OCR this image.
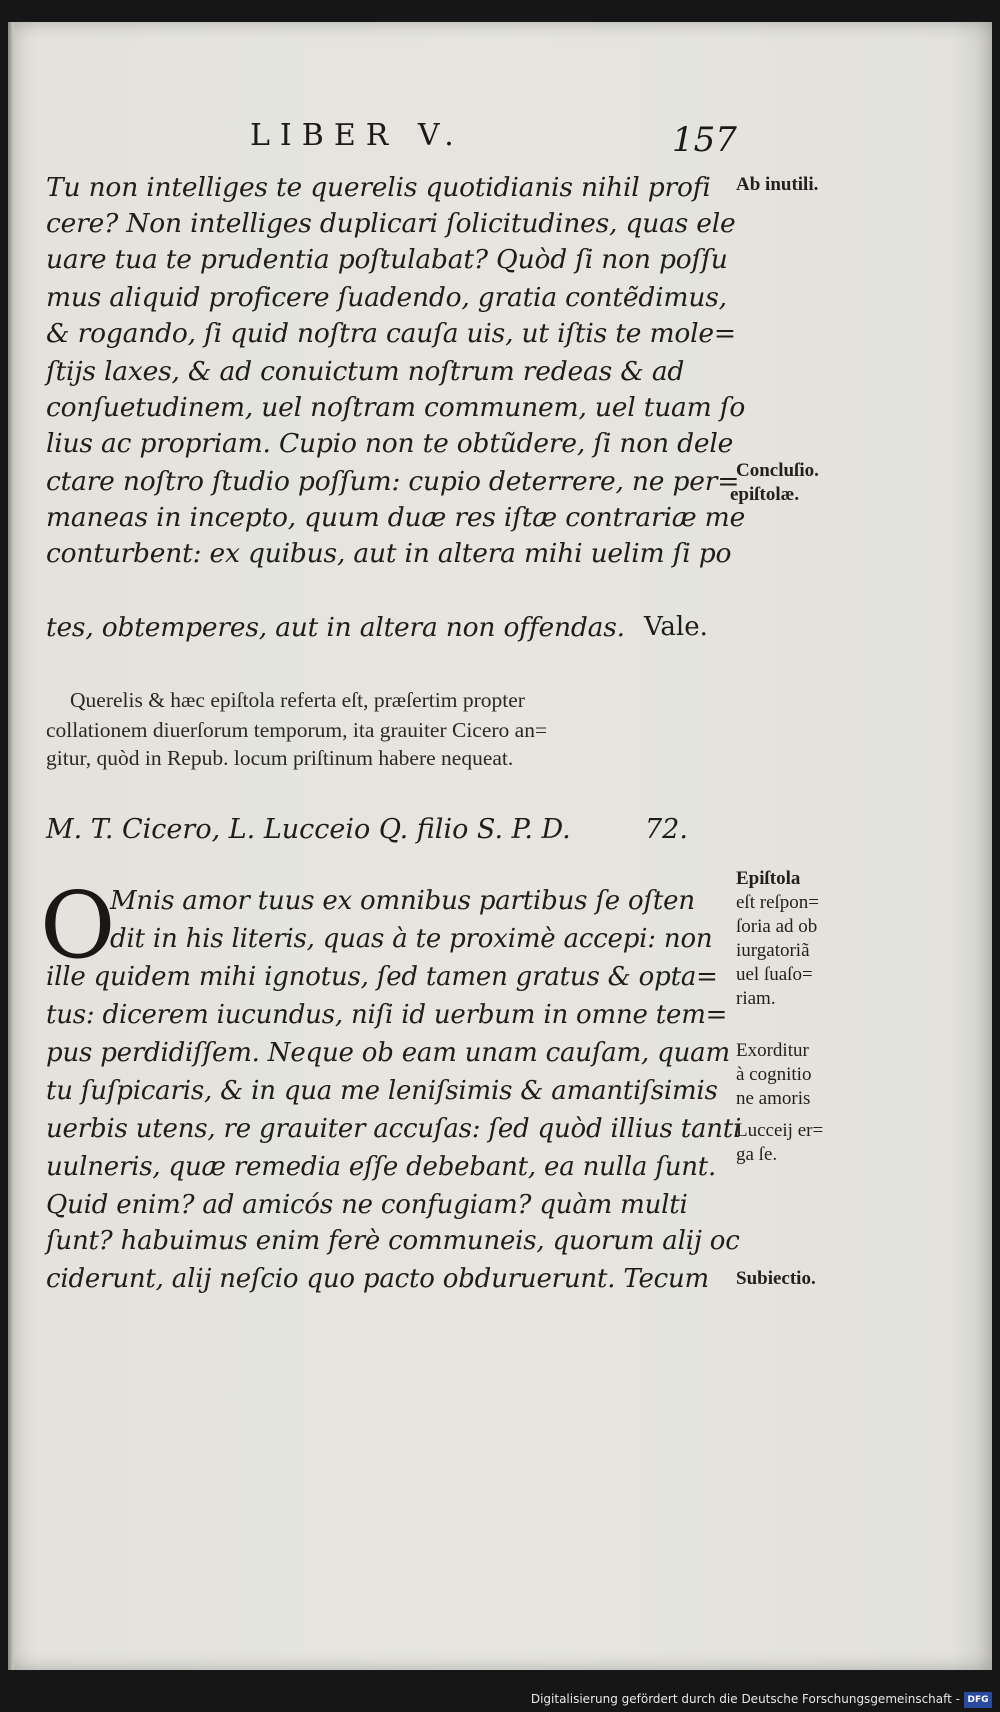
LIBER V.	157
Tu non intelliges te querelis quotidianis nihil profi
cere? Non intelliges duplicari ſolicitudines, quas ele
uare tua te prudentia poſtulabat? Quòd ſi non poſſu
mus aliquid proficere ſuadendo, gratia contẽdimus,
& rogando, ſi quid noſtra cauſa uis, ut iſtis te mole=
ſtijs laxes, & ad conuictum noſtrum redeas & ad
conſuetudinem, uel noſtram communem, uel tuam ſo
lius ac propriam. Cupio non te obtũdere, ſi non dele
ctare noſtro ſtudio poſſum: cupio deterrere, ne per=
maneas in incepto, quum duæ res iſtæ contrariæ me
conturbent: ex quibus, aut in altera mihi uelim ſi po
tes, obtemperes, aut in altera non offendas. Vale.
Querelis & hæc epiſtola referta eſt, præſertim propter
collationem diuerſorum temporum, ita grauiter Cicero an=
gitur, quòd in Repub. locum priſtinum habere nequeat.
M. T. Cicero, L. Lucceio Q. filio S. P. D.	72.
O
Mnis amor tuus ex omnibus partibus ſe oſten
dit in his literis, quas à te proximè accepi: non
ille quidem mihi ignotus, ſed tamen gratus & opta=
tus: dicerem iucundus, niſi id uerbum in omne tem=
pus perdidiſſem. Neque ob eam unam cauſam, quam
tu ſuſpicaris, & in qua me leniſsimis & amantiſsimis
uerbis utens, re grauiter accuſas: ſed quòd illius tanti
uulneris, quæ remedia eſſe debebant, ea nulla ſunt.
Quid enim? ad amicós ne confugiam? quàm multi
ſunt? habuimus enim ferè communeis, quorum alij oc
ciderunt, alij neſcio quo pacto obduruerunt. Tecum
Ab inutili.
Concluſio.
epiſtolæ.
Epiſtola
eſt reſpon=
ſoria ad ob
iurgatoriã
uel ſuaſo=
riam.
Exorditur
à cognitio
ne amoris
Lucceij er=
ga ſe.
Subiectio.
Digitalisierung gefördert durch die Deutsche Forschungsgemeinschaft - DFG
